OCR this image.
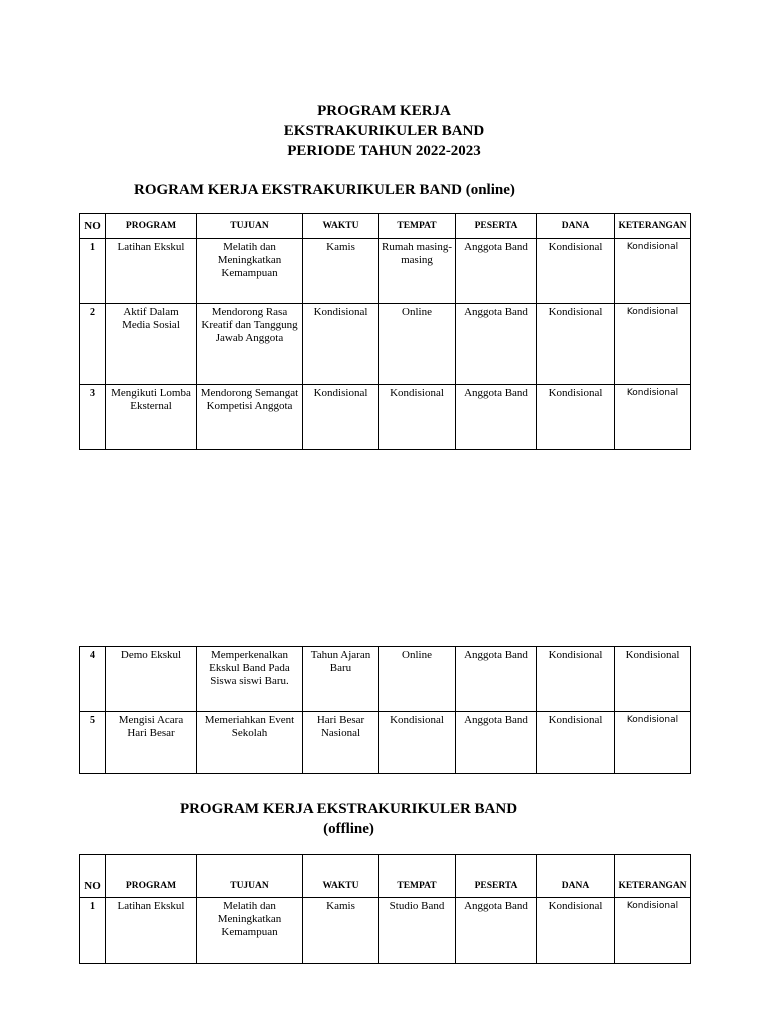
PROGRAM KERJA
EKSTRAKURIKULER BAND
PERIODE TAHUN 2022-2023
ROGRAM KERJA EKSTRAKURIKULER BAND (online)
NO	PROGRAM	TUJUAN	WAKTU	TEMPAT	PESERTA	DANA	KETERANGAN
1	Latihan Ekskul	Melatih dan Meningkatkan Kemampuan	Kamis	Rumah masing-masing	Anggota Band	Kondisional	Kondisional
2	Aktif Dalam Media Sosial	Mendorong Rasa Kreatif dan Tanggung Jawab Anggota	Kondisional	Online	Anggota Band	Kondisional	Kondisional
3	Mengikuti Lomba Eksternal	Mendorong Semangat Kompetisi Anggota	Kondisional	Kondisional	Anggota Band	Kondisional	Kondisional
4	Demo Ekskul	Memperkenalkan Ekskul Band Pada Siswa siswi Baru.	Tahun Ajaran Baru	Online	Anggota Band	Kondisional	Kondisional
5	Mengisi Acara Hari Besar	Memeriahkan Event Sekolah	Hari Besar Nasional	Kondisional	Anggota Band	Kondisional	Kondisional
PROGRAM KERJA EKSTRAKURIKULER BAND
(offline)
NO	PROGRAM	TUJUAN	WAKTU	TEMPAT	PESERTA	DANA	KETERANGAN
1	Latihan Ekskul	Melatih dan Meningkatkan Kemampuan	Kamis	Studio Band	Anggota Band	Kondisional	Kondisional
